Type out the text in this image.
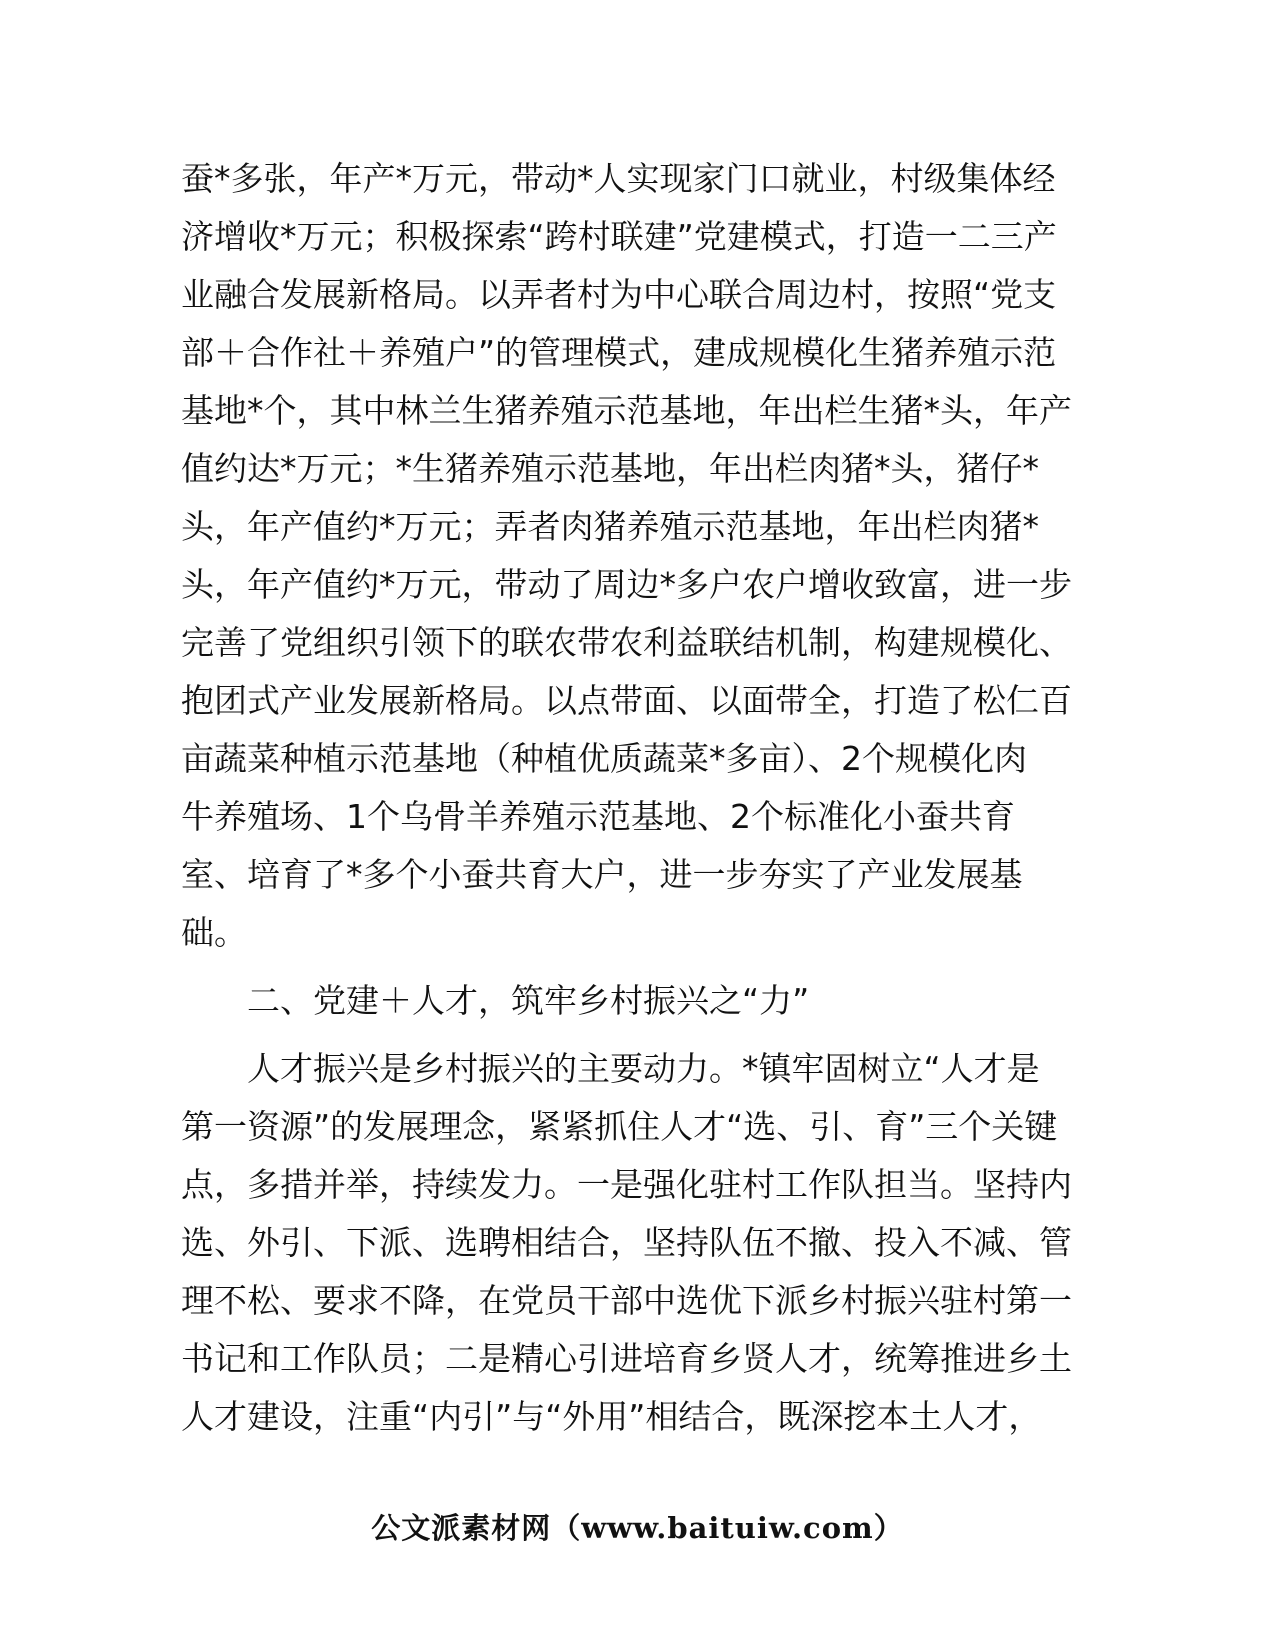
蚕*多张，年产*万元，带动*人实现家门口就业，村级集体经
济增收*万元；积极探索“跨村联建”党建模式，打造一二三产
业融合发展新格局。以弄者村为中心联合周边村，按照“党支
部＋合作社＋养殖户”的管理模式，建成规模化生猪养殖示范
基地*个，其中林兰生猪养殖示范基地，年出栏生猪*头，年产
值约达*万元；*生猪养殖示范基地，年出栏肉猪*头，猪仔*
头，年产值约*万元；弄者肉猪养殖示范基地，年出栏肉猪*
头，年产值约*万元，带动了周边*多户农户增收致富，进一步
完善了党组织引领下的联农带农利益联结机制，构建规模化、
抱团式产业发展新格局。以点带面、以面带全，打造了松仁百
亩蔬菜种植示范基地（种植优质蔬菜*多亩）、2个规模化肉
牛养殖场、1个乌骨羊养殖示范基地、2个标准化小蚕共育
室、培育了*多个小蚕共育大户，进一步夯实了产业发展基
础。
二、党建＋人才，筑牢乡村振兴之“力”
人才振兴是乡村振兴的主要动力。*镇牢固树立“人才是
第一资源”的发展理念，紧紧抓住人才“选、引、育”三个关键
点，多措并举，持续发力。一是强化驻村工作队担当。坚持内
选、外引、下派、选聘相结合，坚持队伍不撤、投入不减、管
理不松、要求不降，在党员干部中选优下派乡村振兴驻村第一
书记和工作队员；二是精心引进培育乡贤人才，统筹推进乡土
人才建设，注重“内引”与“外用”相结合，既深挖本土人才，
公文派素材网（www.baituiw.com）
